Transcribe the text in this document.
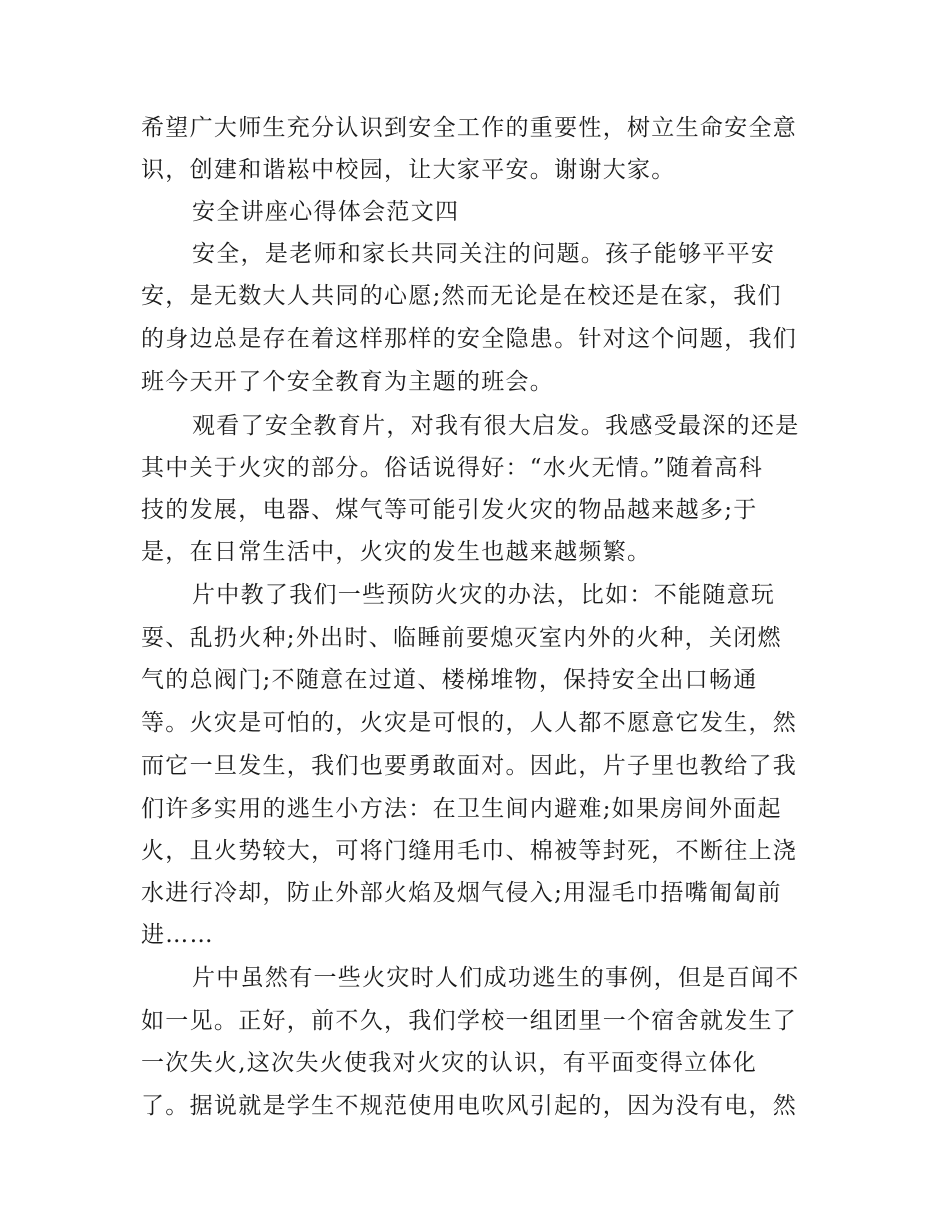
希望广大师生充分认识到安全工作的重要性，树立生命安全意
识，创建和谐崧中校园，让大家平安。谢谢大家。
安全讲座心得体会范文四
安全，是老师和家长共同关注的问题。孩子能够平平安
安，是无数大人共同的心愿;然而无论是在校还是在家，我们
的身边总是存在着这样那样的安全隐患。针对这个问题，我们
班今天开了个安全教育为主题的班会。
观看了安全教育片，对我有很大启发。我感受最深的还是
其中关于火灾的部分。俗话说得好：“水火无情。”随着高科
技的发展，电器、煤气等可能引发火灾的物品越来越多;于
是，在日常生活中，火灾的发生也越来越频繁。
片中教了我们一些预防火灾的办法，比如：不能随意玩
耍、乱扔火种;外出时、临睡前要熄灭室内外的火种，关闭燃
气的总阀门;不随意在过道、楼梯堆物，保持安全出口畅通
等。火灾是可怕的，火灾是可恨的，人人都不愿意它发生，然
而它一旦发生，我们也要勇敢面对。因此，片子里也教给了我
们许多实用的逃生小方法：在卫生间内避难;如果房间外面起
火，且火势较大，可将门缝用毛巾、棉被等封死，不断往上浇
水进行冷却，防止外部火焰及烟气侵入;用湿毛巾捂嘴匍匐前
进……
片中虽然有一些火灾时人们成功逃生的事例，但是百闻不
如一见。正好，前不久，我们学校一组团里一个宿舍就发生了
一次失火,这次失火使我对火灾的认识，有平面变得立体化
了。据说就是学生不规范使用电吹风引起的，因为没有电，然
